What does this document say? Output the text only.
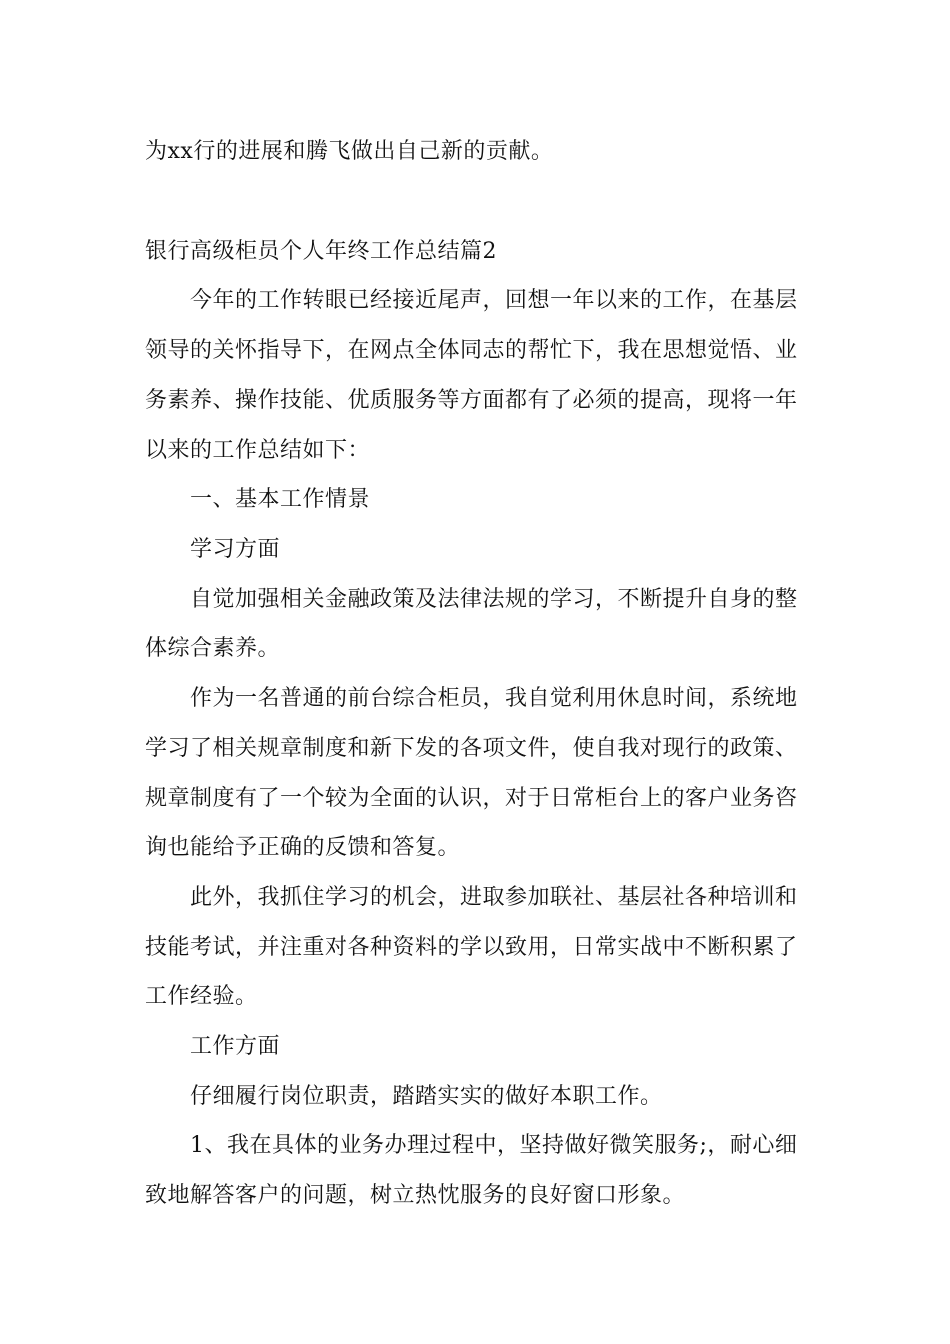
为xx行的进展和腾飞做出自己新的贡献。
银行高级柜员个人年终工作总结篇2
今年的工作转眼已经接近尾声，回想一年以来的工作，在基层
领导的关怀指导下，在网点全体同志的帮忙下，我在思想觉悟、业
务素养、操作技能、优质服务等方面都有了必须的提高，现将一年
以来的工作总结如下：
一、基本工作情景
学习方面
自觉加强相关金融政策及法律法规的学习，不断提升自身的整
体综合素养。
作为一名普通的前台综合柜员，我自觉利用休息时间，系统地
学习了相关规章制度和新下发的各项文件，使自我对现行的政策、
规章制度有了一个较为全面的认识，对于日常柜台上的客户业务咨
询也能给予正确的反馈和答复。
此外，我抓住学习的机会，进取参加联社、基层社各种培训和
技能考试，并注重对各种资料的学以致用，日常实战中不断积累了
工作经验。
工作方面
仔细履行岗位职责，踏踏实实的做好本职工作。
1、我在具体的业务办理过程中，坚持做好微笑服务;，耐心细
致地解答客户的问题，树立热忱服务的良好窗口形象。
